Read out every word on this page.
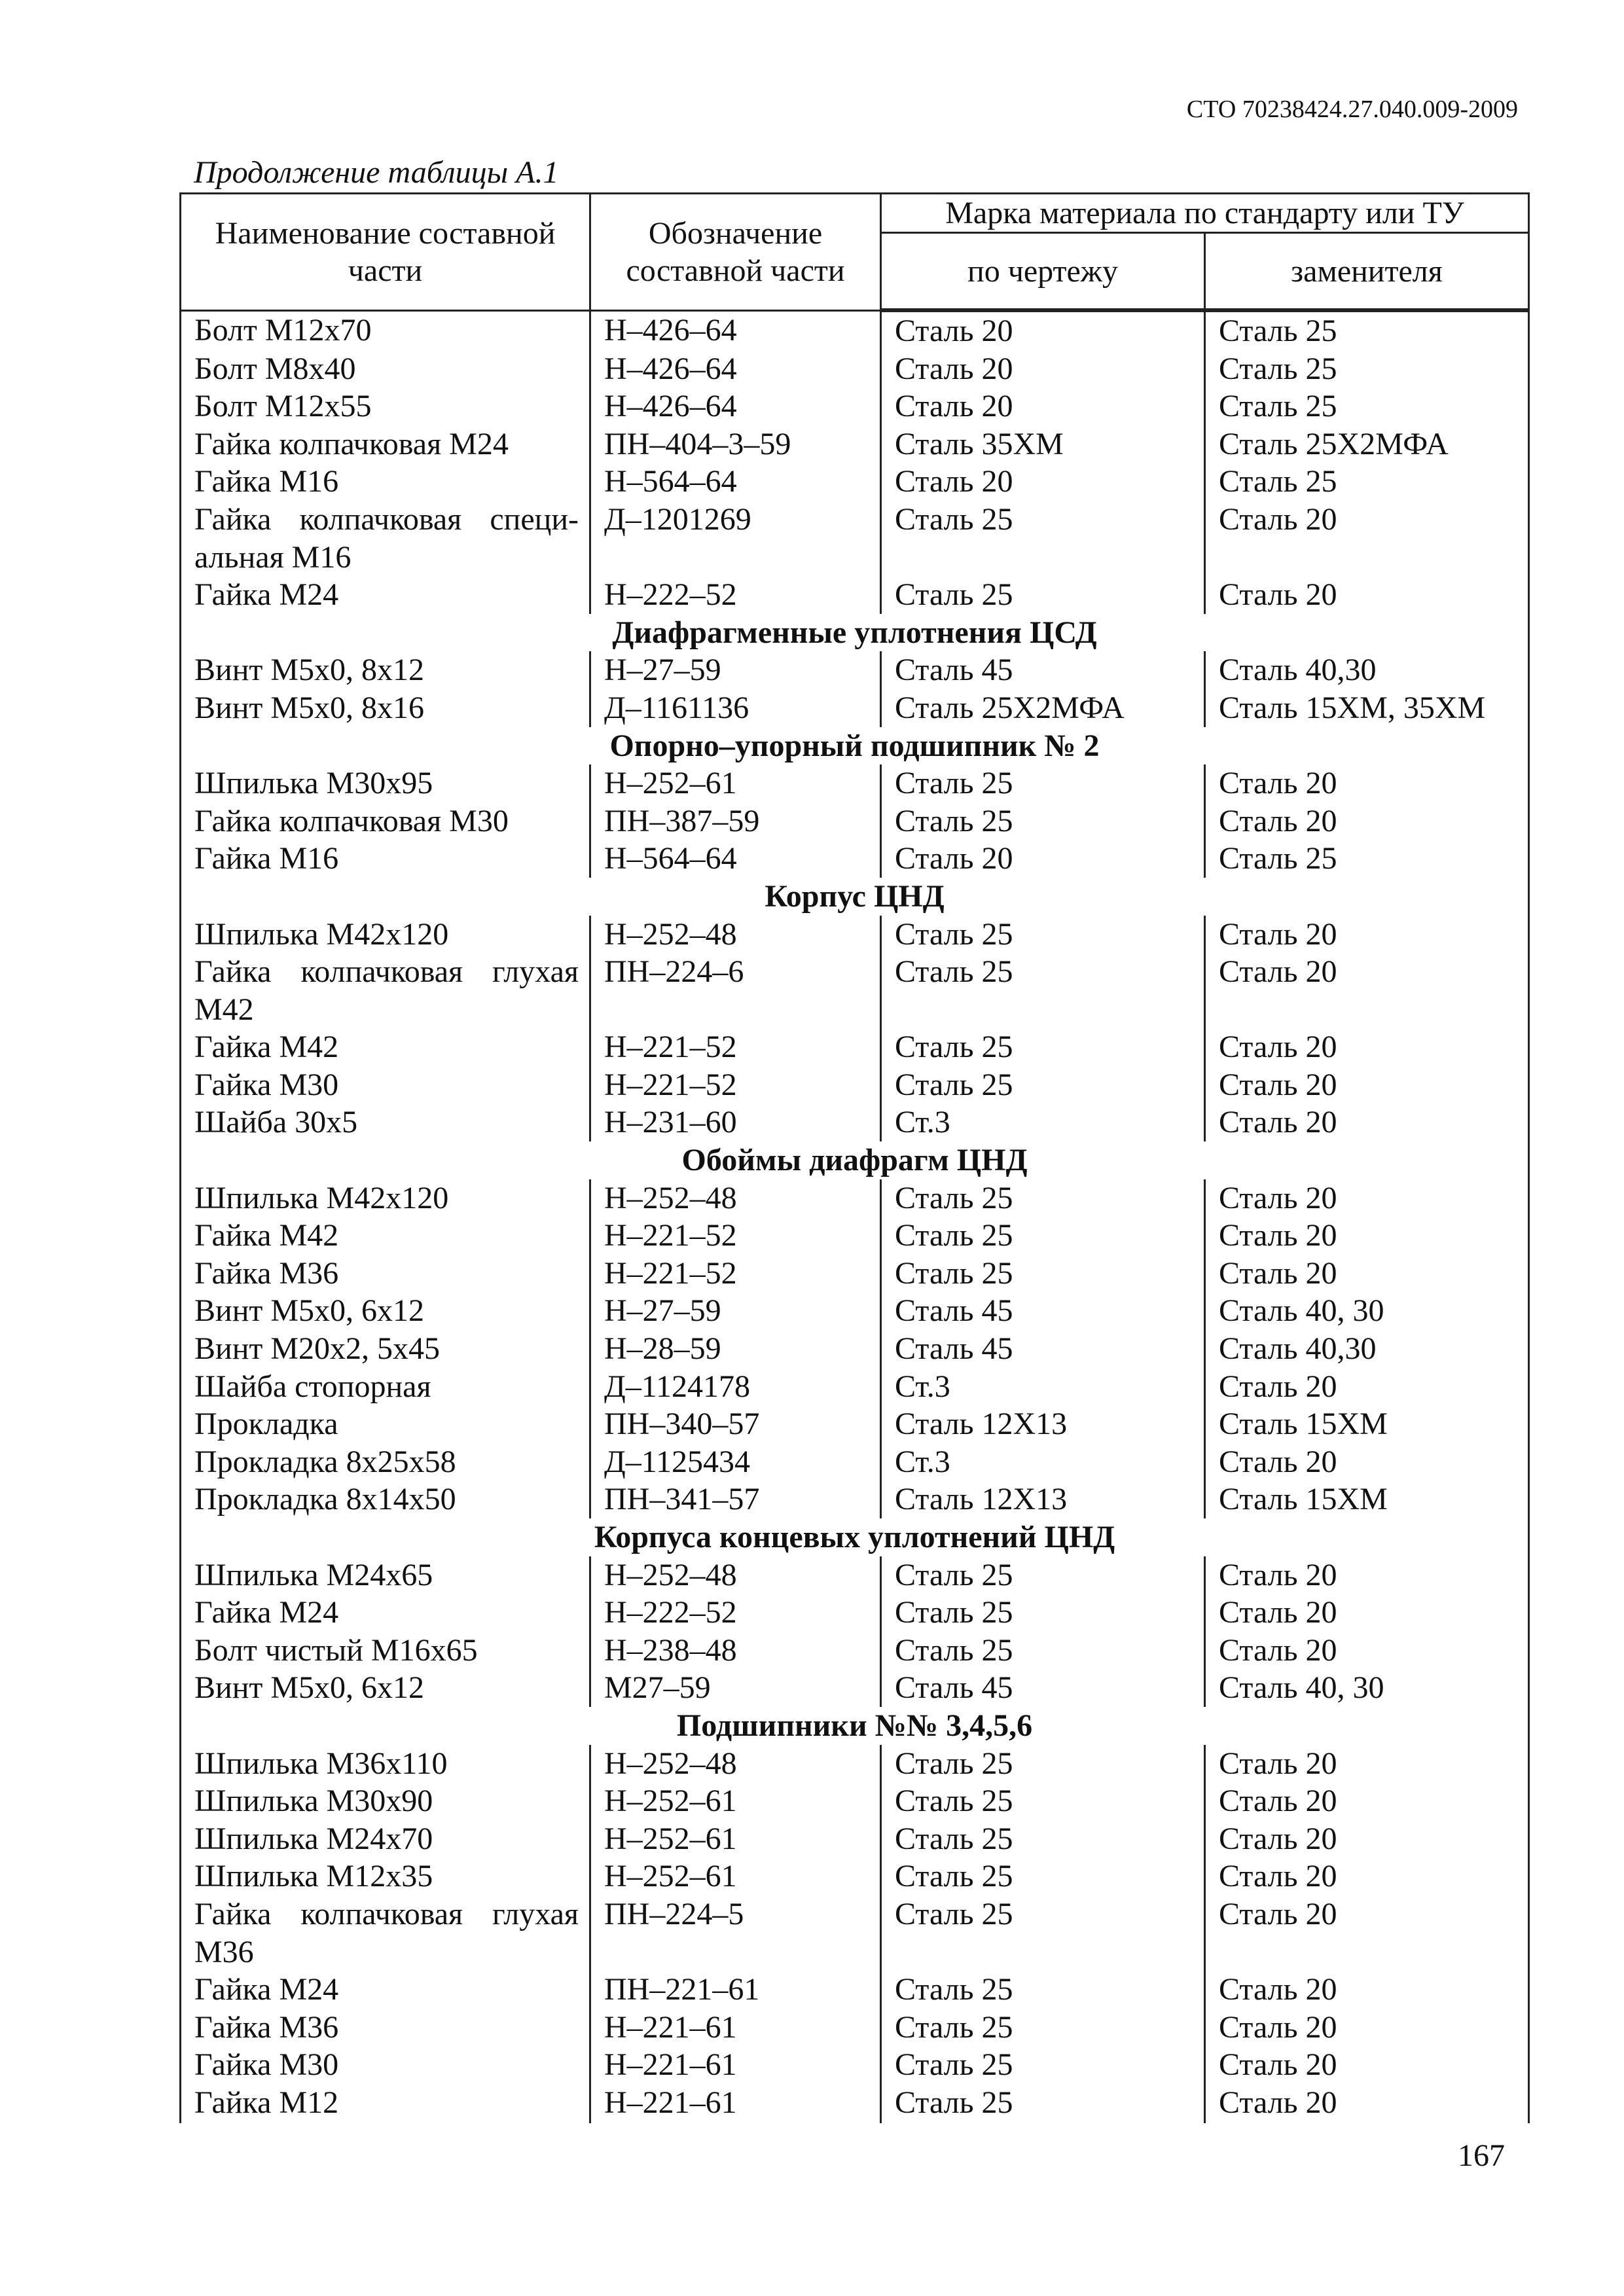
СТО 70238424.27.040.009-2009
Продолжение таблицы А.1
Наименование составной части	Обозначение составной части	Марка материала по стандарту или ТУ	
		по чертежу	заменителя
Болт М12х70	Н–426–64	Сталь 20	Сталь 25
Болт М8х40	Н–426–64	Сталь 20	Сталь 25
Болт М12х55	Н–426–64	Сталь 20	Сталь 25
Гайка колпачковая М24	ПН–404–3–59	Сталь 35ХМ	Сталь 25Х2МФА
Гайка М16	Н–564–64	Сталь 20	Сталь 25
Гайка колпачковая специ-альная М16	Д–1201269	Сталь 25	Сталь 20
Гайка М24	Н–222–52	Сталь 25	Сталь 20
Диафрагменные уплотнения ЦСД			
Винт М5х0, 8х12	Н–27–59	Сталь 45	Сталь 40,30
Винт М5х0, 8х16	Д–1161136	Сталь 25Х2МФА	Сталь 15ХМ, 35ХМ
Опорно–упорный подшипник № 2			
Шпилька М30х95	Н–252–61	Сталь 25	Сталь 20
Гайка колпачковая М30	ПН–387–59	Сталь 25	Сталь 20
Гайка М16	Н–564–64	Сталь 20	Сталь 25
Корпус ЦНД			
Шпилька М42х120	Н–252–48	Сталь 25	Сталь 20
Гайка колпачковая глухая М42	ПН–224–6	Сталь 25	Сталь 20
Гайка М42	Н–221–52	Сталь 25	Сталь 20
Гайка М30	Н–221–52	Сталь 25	Сталь 20
Шайба 30х5	Н–231–60	Ст.3	Сталь 20
Обоймы диафрагм ЦНД			
Шпилька М42х120	Н–252–48	Сталь 25	Сталь 20
Гайка М42	Н–221–52	Сталь 25	Сталь 20
Гайка М36	Н–221–52	Сталь 25	Сталь 20
Винт М5х0, 6х12	Н–27–59	Сталь 45	Сталь 40, 30
Винт М20х2, 5х45	Н–28–59	Сталь 45	Сталь 40,30
Шайба стопорная	Д–1124178	Ст.3	Сталь 20
Прокладка	ПН–340–57	Сталь 12Х13	Сталь 15ХМ
Прокладка 8х25х58	Д–1125434	Ст.3	Сталь 20
Прокладка 8х14х50	ПН–341–57	Сталь 12Х13	Сталь 15ХМ
Корпуса концевых уплотнений ЦНД			
Шпилька М24х65	Н–252–48	Сталь 25	Сталь 20
Гайка М24	Н–222–52	Сталь 25	Сталь 20
Болт чистый М16х65	Н–238–48	Сталь 25	Сталь 20
Винт М5х0, 6х12	М27–59	Сталь 45	Сталь 40, 30
Подшипники №№ 3,4,5,6			
Шпилька М36х110	Н–252–48	Сталь 25	Сталь 20
Шпилька М30х90	Н–252–61	Сталь 25	Сталь 20
Шпилька М24х70	Н–252–61	Сталь 25	Сталь 20
Шпилька М12х35	Н–252–61	Сталь 25	Сталь 20
Гайка колпачковая глухая М36	ПН–224–5	Сталь 25	Сталь 20
Гайка М24	ПН–221–61	Сталь 25	Сталь 20
Гайка М36	Н–221–61	Сталь 25	Сталь 20
Гайка М30	Н–221–61	Сталь 25	Сталь 20
Гайка М12	Н–221–61	Сталь 25	Сталь 20
167
